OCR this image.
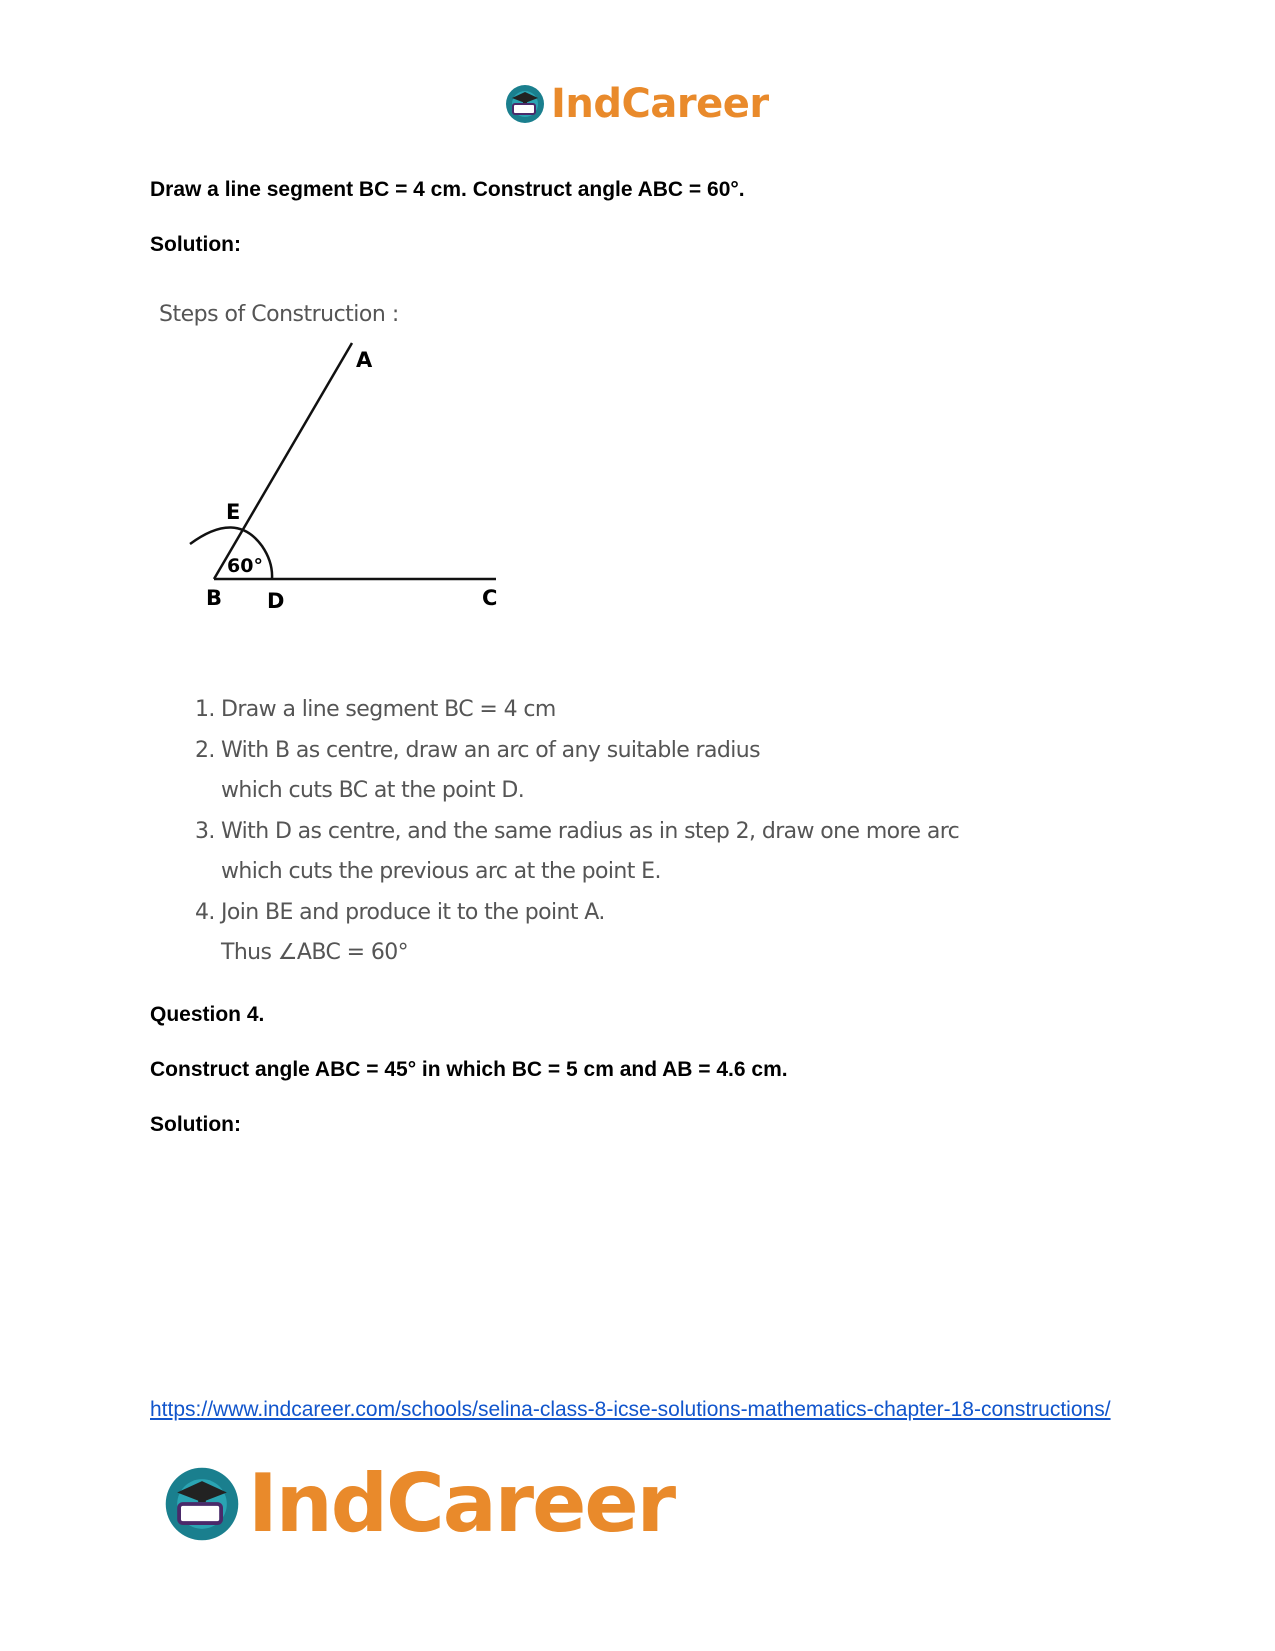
IndCareer
Draw a line segment BC = 4 cm. Construct angle ABC = 60°.
Solution:
Steps of Construction :
A
E
60°
B D	C
1. Draw a line segment BC = 4 cm
2. With B as centre, draw an arc of any suitable radius
which cuts BC at the point D.
3. With D as centre, and the same radius as in step 2, draw one more arc
which cuts the previous arc at the point E.
4. Join BE and produce it to the point A.
Thus ∠ABC = 60°
Question 4.
Construct angle ABC = 45° in which BC = 5 cm and AB = 4.6 cm.
Solution:
https://www.indcareer.com/schools/selina-class-8-icse-solutions-mathematics-chapter-18-constructions/
IndCareer
